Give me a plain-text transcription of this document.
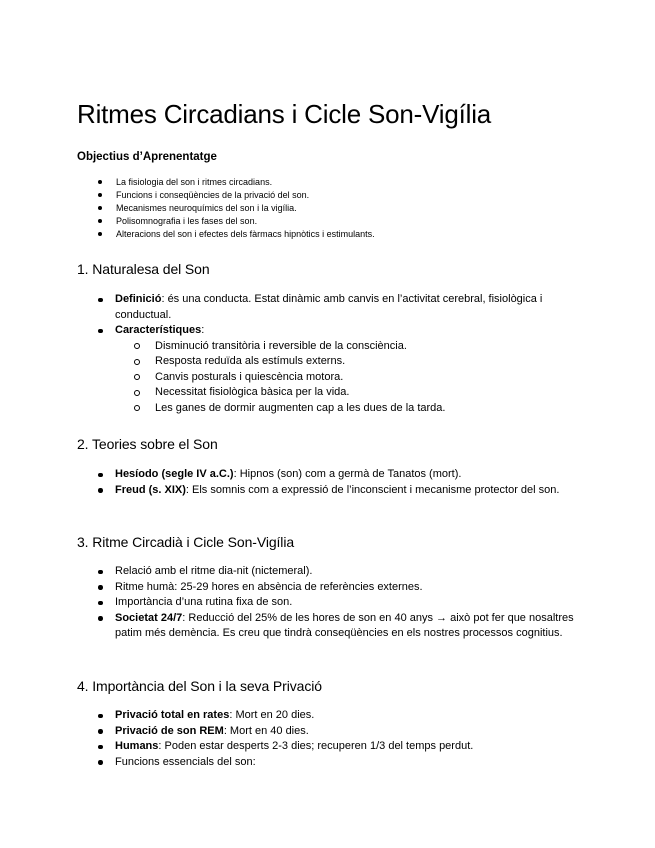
Ritmes Circadians i Cicle Son-Vigília
Objectius d’Aprenentatge
La fisiologia del son i ritmes circadians.
Funcions i conseqüències de la privació del son.
Mecanismes neuroquímics del son i la vigília.
Polisomnografia i les fases del son.
Alteracions del son i efectes dels fàrmacs hipnòtics i estimulants.
1. Naturalesa del Son
Definició: és una conducta. Estat dinàmic amb canvis en l’activitat cerebral, fisiològica i conductual.
Característiques:
Disminució transitòria i reversible de la consciència.
Resposta reduïda als estímuls externs.
Canvis posturals i quiescència motora.
Necessitat fisiològica bàsica per la vida.
Les ganes de dormir augmenten cap a les dues de la tarda.
2. Teories sobre el Son
Hesíodo (segle IV a.C.): Hipnos (son) com a germà de Tanatos (mort).
Freud (s. XIX): Els somnis com a expressió de l’inconscient i mecanisme protector del son.
3. Ritme Circadià i Cicle Son-Vigília
Relació amb el ritme dia-nit (nictemeral).
Ritme humà: 25-29 hores en absència de referències externes.
Importància d’una rutina fixa de son.
Societat 24/7: Reducció del 25% de les hores de son en 40 anys → això pot fer que nosaltres patim més demència. Es creu que tindrà conseqüències en els nostres processos cognitius.
4. Importància del Son i la seva Privació
Privació total en rates: Mort en 20 dies.
Privació de son REM: Mort en 40 dies.
Humans: Poden estar desperts 2-3 dies; recuperen 1/3 del temps perdut.
Funcions essencials del son:
